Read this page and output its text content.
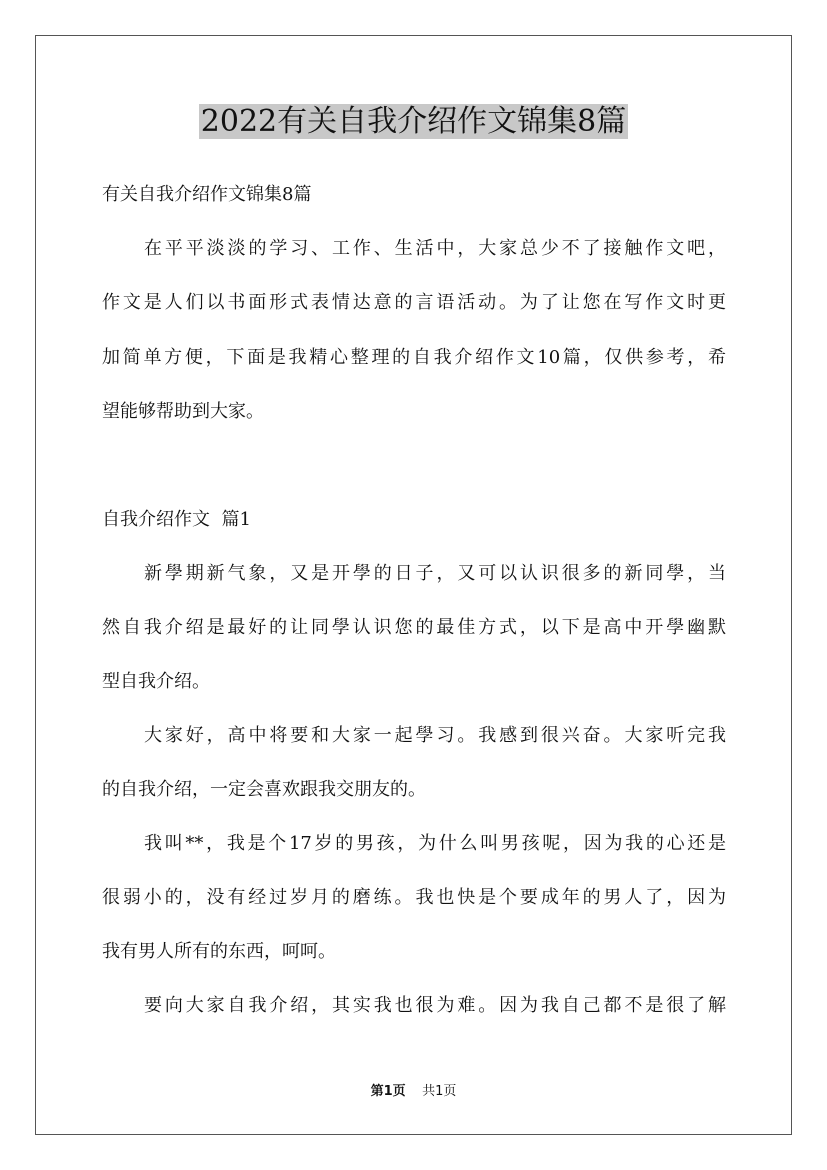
2022有关自我介绍作文锦集8篇
有关自我介绍作文锦集8篇
在平平淡淡的学习、工作、生活中，大家总少不了接触作文吧，
作文是人们以书面形式表情达意的言语活动。为了让您在写作文时更
加简单方便，下面是我精心整理的自我介绍作文10篇，仅供参考，希
望能够帮助到大家。
自我介绍作文  篇1
新學期新气象，又是开學的日子，又可以认识很多的新同學，当
然自我介绍是最好的让同學认识您的最佳方式，以下是高中开學幽默
型自我介绍。
大家好，高中将要和大家一起學习。我感到很兴奋。大家听完我
的自我介绍，一定会喜欢跟我交朋友的。
我叫**，我是个17岁的男孩，为什么叫男孩呢，因为我的心还是
很弱小的，没有经过岁月的磨练。我也快是个要成年的男人了，因为
我有男人所有的东西，呵呵。
要向大家自我介绍，其实我也很为难。因为我自己都不是很了解
第1页 共1页
